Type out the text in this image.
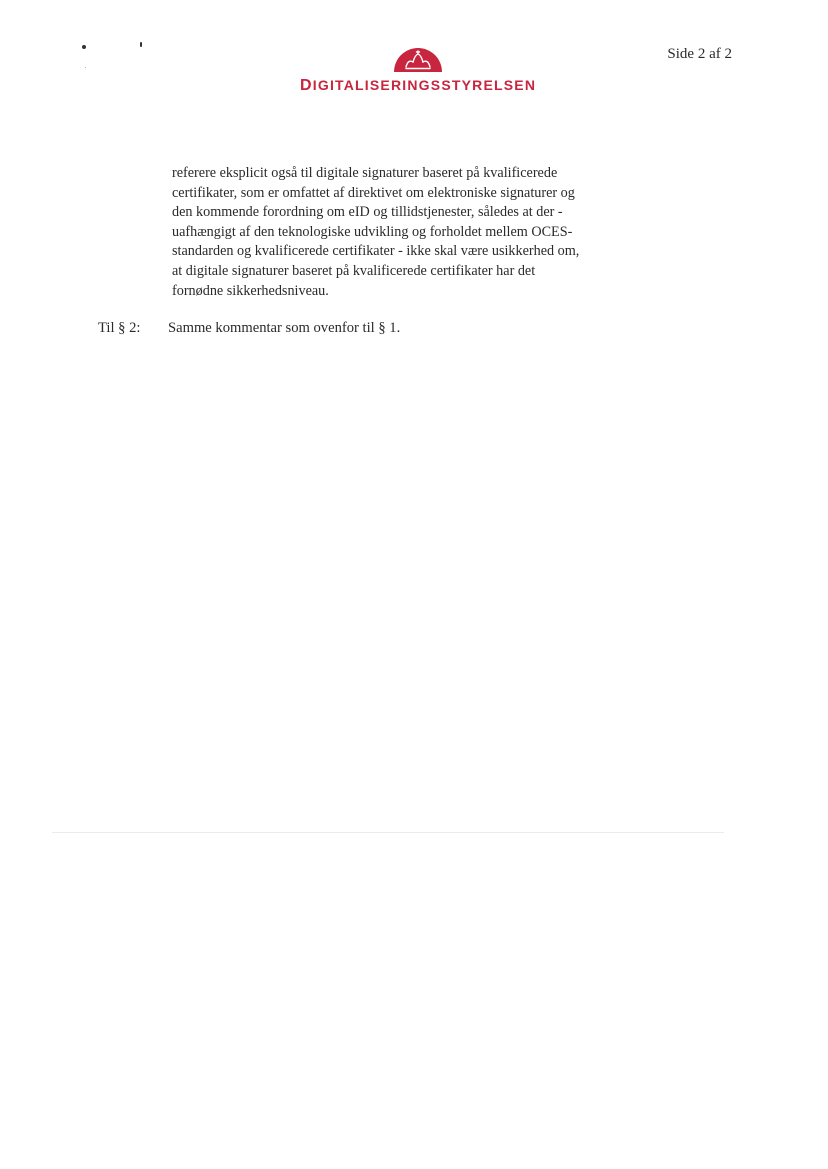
Side 2 af 2
DIGITALISERINGSSTYRELSEN
referere eksplicit også til digitale signaturer baseret på kvalificerede
certifikater, som er omfattet af direktivet om elektroniske signaturer og
den kommende forordning om eID og tillidstjenester, således at der -
uafhængigt af den teknologiske udvikling og forholdet mellem OCES-
standarden og kvalificerede certifikater - ikke skal være usikkerhed om,
at digitale signaturer baseret på kvalificerede certifikater har det
fornødne sikkerhedsniveau.
Til § 2: Samme kommentar som ovenfor til § 1.
